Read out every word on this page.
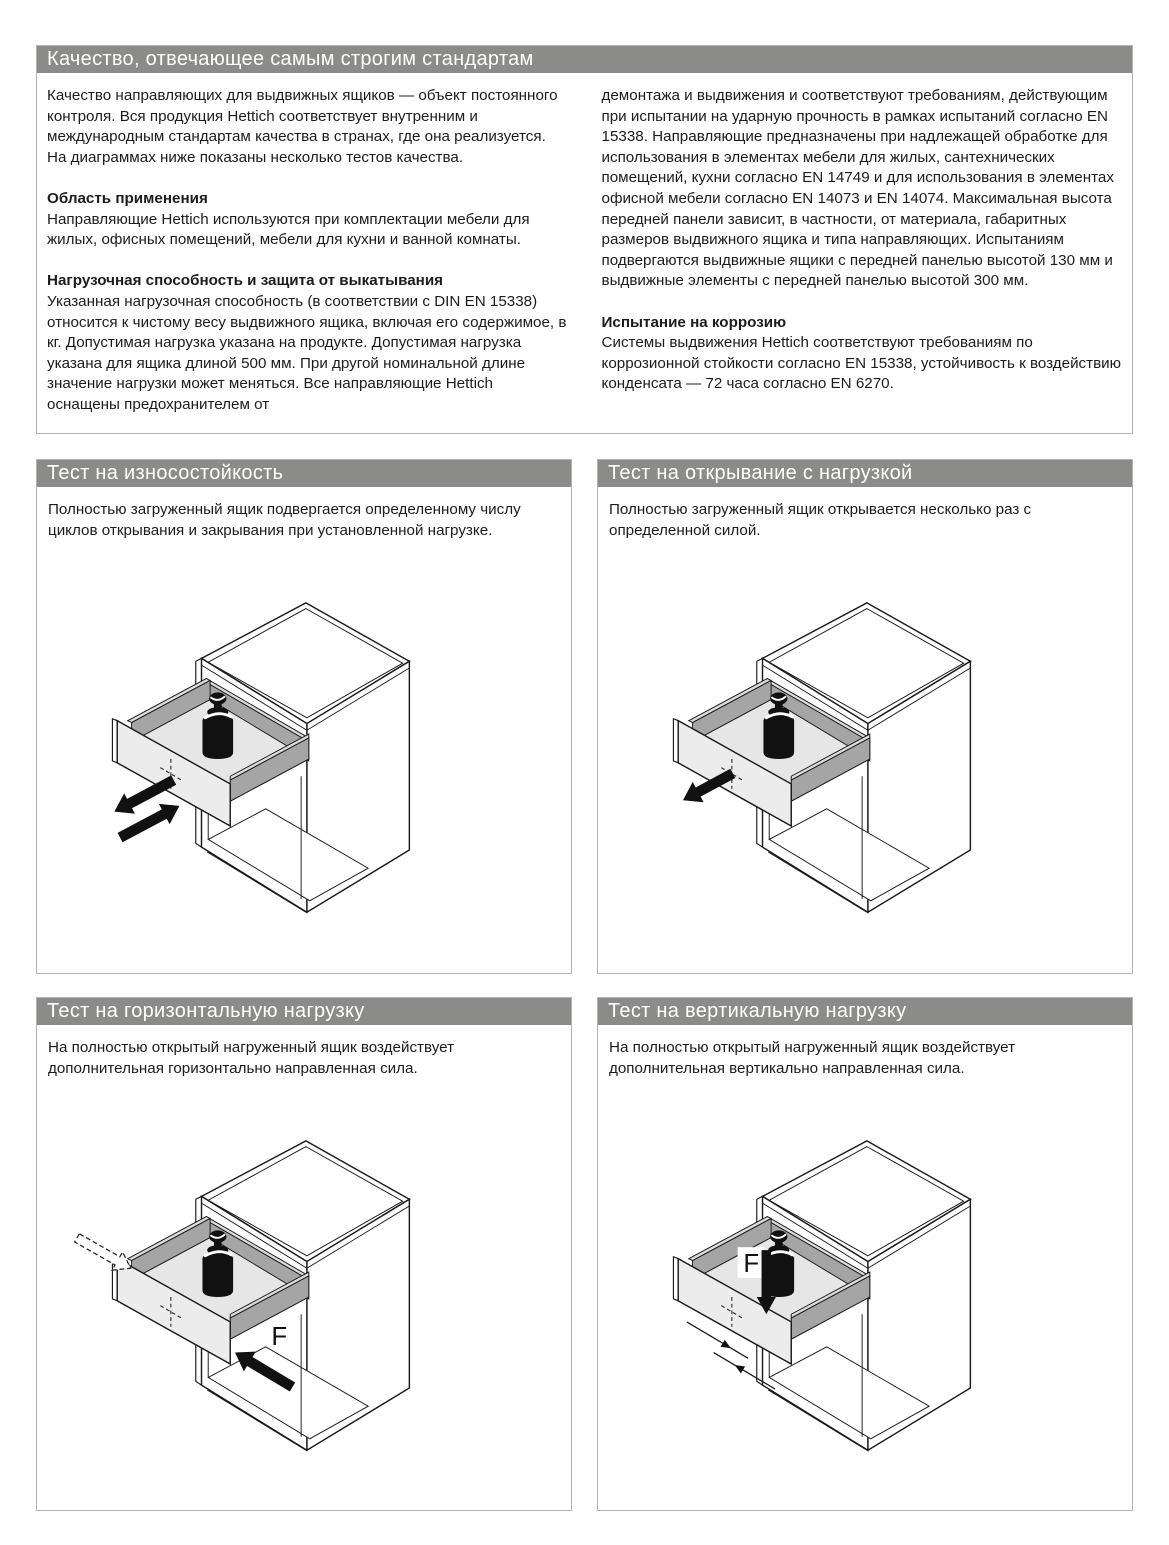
Качество, отвечающее самым строгим стандартам

Качество направляющих для выдвижных ящиков — объект постоянного контроля. Вся продукция Hettich соответствует внутренним и международным стандартам качества в странах, где она реализуется. На диаграммах ниже показаны несколько тестов качества.

Область применения

Направляющие Hettich используются при комплектации мебели для жилых, офисных помещений, мебели для кухни и ванной комнаты.

Нагрузочная способность и защита от выкатывания

Указанная нагрузочная способность (в соответствии с DIN EN 15338) относится к чистому весу выдвижного ящика, включая его содержимое, в кг. Допустимая нагрузка указана на продукте. Допустимая нагрузка указана для ящика длиной 500 мм. При другой номинальной длине значение нагрузки может меняться. Все направляющие Hettich оснащены предохранителем от

демонтажа и выдвижения и соответствуют требованиям, действующим при испытании на ударную прочность в рамках испытаний согласно EN 15338. Направляющие предназначены при надлежащей обработке для использования в элементах мебели для жилых, сантехнических помещений, кухни согласно EN 14749 и для использования в элементах офисной мебели согласно EN 14073 и EN 14074. Максимальная высота передней панели зависит, в частности, от материала, габаритных размеров выдвижного ящика и типа направляющих. Испытаниям подвергаются выдвижные ящики с передней панелью высотой 130 мм и выдвижные элементы с передней панелью высотой 300 мм.

Испытание на коррозию

Системы выдвижения Hettich соответствуют требованиям по коррозионной стойкости согласно EN 15338, устойчивость к воздействию конденсата — 72 часа согласно EN 6270.

Тест на износостойкость
Полностью загруженный ящик подвергается определенному числу циклов открывания и закрывания при установленной нагрузке.
Тест на открывание с нагрузкой
Полностью загруженный ящик открывается несколько раз с определенной силой.
Тест на горизонтальную нагрузку
На полностью открытый нагруженный ящик воздействует дополнительная горизонтально направленная сила.
F
Тест на вертикальную нагрузку
На полностью открытый нагруженный ящик воздействует дополнительная вертикально направленная сила.
F
